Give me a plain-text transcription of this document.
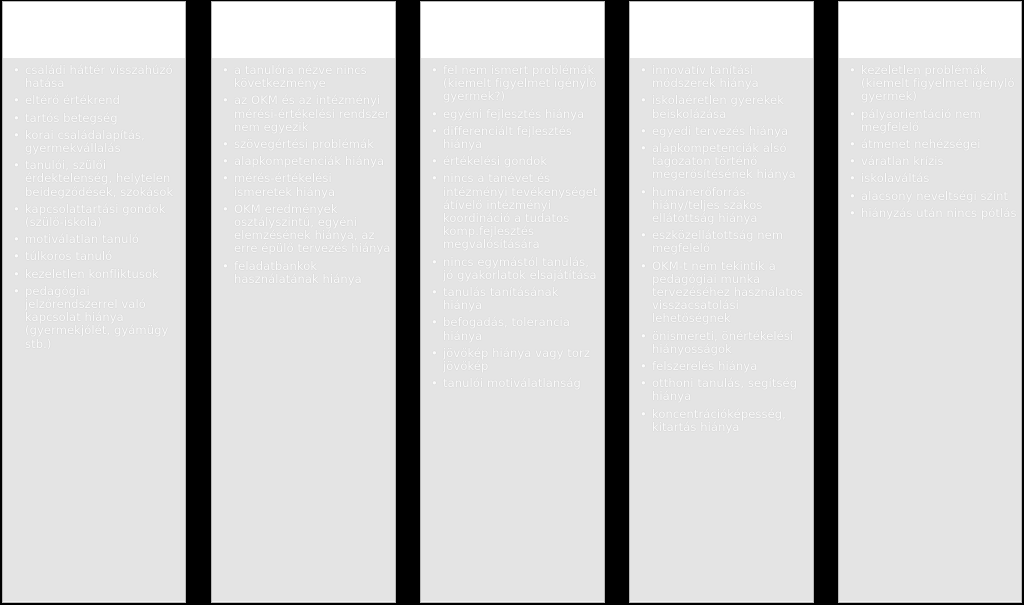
• családi háttér visszahúzó hatása
• eltérő értékrend
• tartós betegség
• korai családalapítás, gyermekvállalás
• tanulói, szülői érdektelenség, helytelen beidegződések, szokások
• kapcsolattartási gondok (szülő-iskola)
• motiválatlan tanuló
• túlkoros tanuló
• kezeletlen konfliktusok
• pedagógiai jelzőrendszerrel való kapcsolat hiánya (gyermekjólét, gyámügy stb.)
• a tanulóra nézve nincs következménye
• az OKM és az intézményi mérési-értékelési rendszer nem egyezik
• szövegértési problémák
• alapkompetenciák hiánya
• mérés-értékelési ismeretek hiánya
• OKM eredmények osztályszintű, egyéni elemzésének hiánya, az erre épülő tervezés hiánya
• feladatbankok használatának hiánya
• fel nem ismert problémák (kiemelt figyelmet igénylő gyermek?)
• egyéni fejlesztés hiánya
• differenciált fejlesztés hiánya
• értékelési gondok
• nincs a tanévet és intézményi tevékenységet átívelő intézményi koordináció a tudatos komp.fejlesztés megvalósítására
• nincs egymástól tanulás, jó gyakorlatok elsajátítása
• tanulás tanításának hiánya
• befogadás, tolerancia hiánya
• jövőkép hiánya vagy torz jövőkép
• tanulói motiválatlanság
• innovatív tanítási módszerek hiánya
• iskolaéretlen gyerekek beiskolázása
• egyedi tervezés hiánya
• alapkompetenciák alsó tagozaton történő megerősítésének hiánya
• humánerőforrás-hiány/teljes szakos ellátottság hiánya
• eszközellátottság nem megfelelő
• OKM-t nem tekintik a pedagógiai munka tervezéséhez használatos visszacsatolási lehetőségnek
• önismereti, önértékelési hiányosságok
• felszerelés hiánya
• otthoni tanulás, segítség hiánya
• koncentrációképesség, kitartás hiánya
• kezeletlen problémák (kiemelt figyelmet igénylő gyermek)
• pályaorientáció nem megfelelő
• átmenet nehézségei
• váratlan krízis
• iskolaváltás
• alacsony neveltségi szint
• hiányzás után nincs pótlás
